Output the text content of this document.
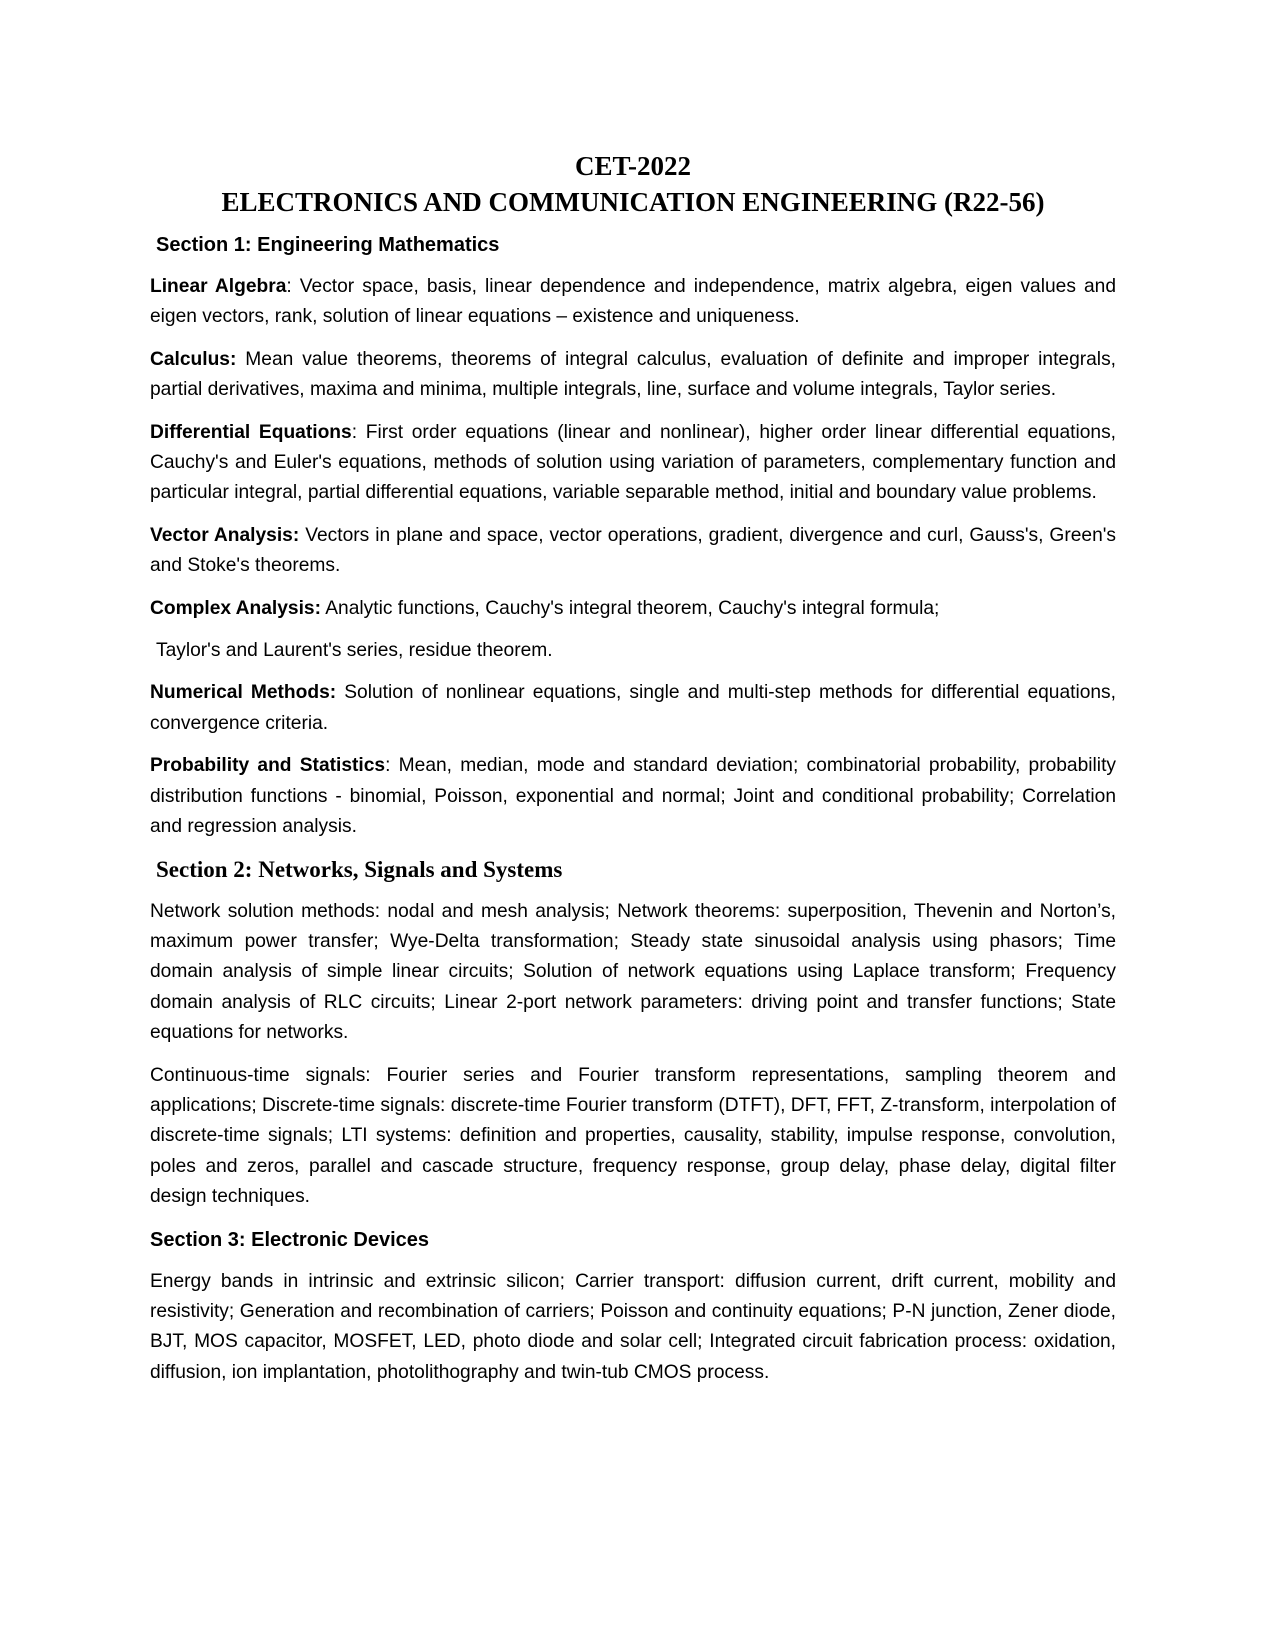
CET-2022
ELECTRONICS AND COMMUNICATION ENGINEERING (R22-56)
Section 1: Engineering Mathematics

Linear Algebra: Vector space, basis, linear dependence and independence, matrix algebra, eigen values and eigen vectors, rank, solution of linear equations – existence and uniqueness.

Calculus: Mean value theorems, theorems of integral calculus, evaluation of definite and improper integrals, partial derivatives, maxima and minima, multiple integrals, line, surface and volume integrals, Taylor series.

Differential Equations: First order equations (linear and nonlinear), higher order linear differential equations, Cauchy's and Euler's equations, methods of solution using variation of parameters, complementary function and particular integral, partial differential equations, variable separable method, initial and boundary value problems.

Vector Analysis: Vectors in plane and space, vector operations, gradient, divergence and curl, Gauss's, Green's and Stoke's theorems.

Complex Analysis: Analytic functions, Cauchy's integral theorem, Cauchy's integral formula;

Taylor's and Laurent's series, residue theorem.

Numerical Methods: Solution of nonlinear equations, single and multi-step methods for differential equations, convergence criteria.

Probability and Statistics: Mean, median, mode and standard deviation; combinatorial probability, probability distribution functions - binomial, Poisson, exponential and normal; Joint and conditional probability; Correlation and regression analysis.

Section 2: Networks, Signals and Systems

Network solution methods: nodal and mesh analysis; Network theorems: superposition, Thevenin and Norton’s, maximum power transfer; Wye-Delta transformation; Steady state sinusoidal analysis using phasors; Time domain analysis of simple linear circuits; Solution of network equations using Laplace transform; Frequency domain analysis of RLC circuits; Linear 2-port network parameters: driving point and transfer functions; State equations for networks.

Continuous-time signals: Fourier series and Fourier transform representations, sampling theorem and applications; Discrete-time signals: discrete-time Fourier transform (DTFT), DFT, FFT, Z-transform, interpolation of discrete-time signals; LTI systems: definition and properties, causality, stability, impulse response, convolution, poles and zeros, parallel and cascade structure, frequency response, group delay, phase delay, digital filter design techniques.

Section 3: Electronic Devices

Energy bands in intrinsic and extrinsic silicon; Carrier transport: diffusion current, drift current, mobility and resistivity; Generation and recombination of carriers; Poisson and continuity equations; P-N junction, Zener diode, BJT, MOS capacitor, MOSFET, LED, photo diode and solar cell; Integrated circuit fabrication process: oxidation, diffusion, ion implantation, photolithography and twin-tub CMOS process.
